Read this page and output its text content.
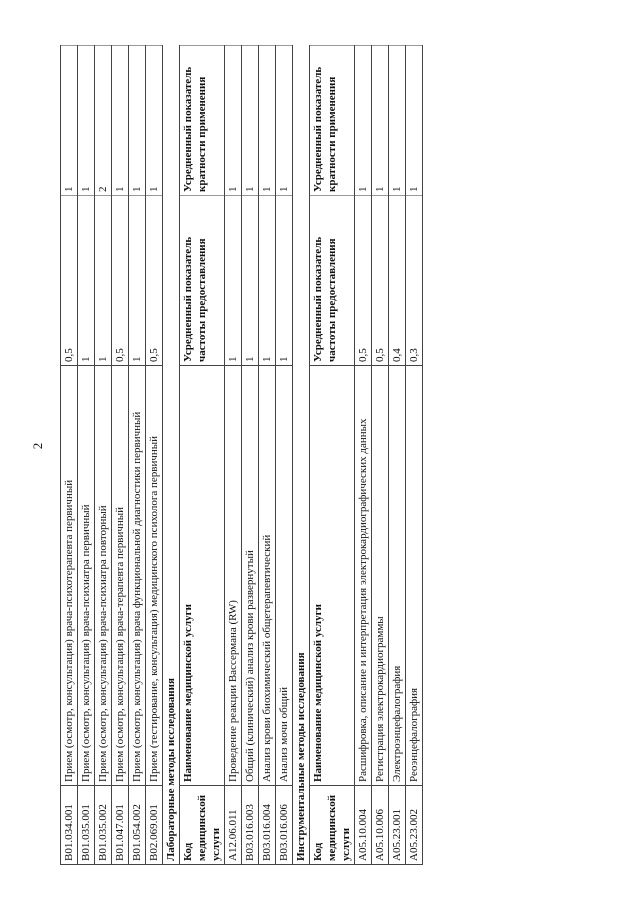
2
B01.034.001
Прием (осмотр, консультация) врача-психотерапевта первичный
0,5
1
B01.035.001
Прием (осмотр, консультация) врача-психиатра первичный
1
1
B01.035.002
Прием (осмотр, консультация) врача-психиатра повторный
1
2
B01.047.001
Прием (осмотр, консультация) врача-терапевта первичный
0,5
1
B01.054.002
Прием (осмотр, консультация) врача функциональной диагностики первичный
1
1
B02.069.001
Прием (тестирование, консультация) медицинского психолога первичный
0,5
1
Лабораторные методы исследования Код медицинской услуги
Наименование медицинской услуги
Усредненный показатель частоты предоставления
Усредненный показатель кратности применения
A12.06.011
Проведение реакции Вассермана (RW)
1
1
B03.016.003
Общий (клинический) анализ крови развернутый
1
1
B03.016.004
Анализ крови биохимический общетерапевтический
1
1
B03.016.006
Анализ мочи общий
1
1
Инструментальные методы исследования Код медицинской услуги
Наименование медицинской услуги
Усредненный показатель частоты предоставления
Усредненный показатель кратности применения
A05.10.004
Расшифровка, описание и интерпретация электрокардиографических данных
0,5
1
A05.10.006
Регистрация электрокардиограммы
0,5
1
A05.23.001
Электроэнцефалография
0,4
1
A05.23.002
Реоэнцефалография
0,3
1
